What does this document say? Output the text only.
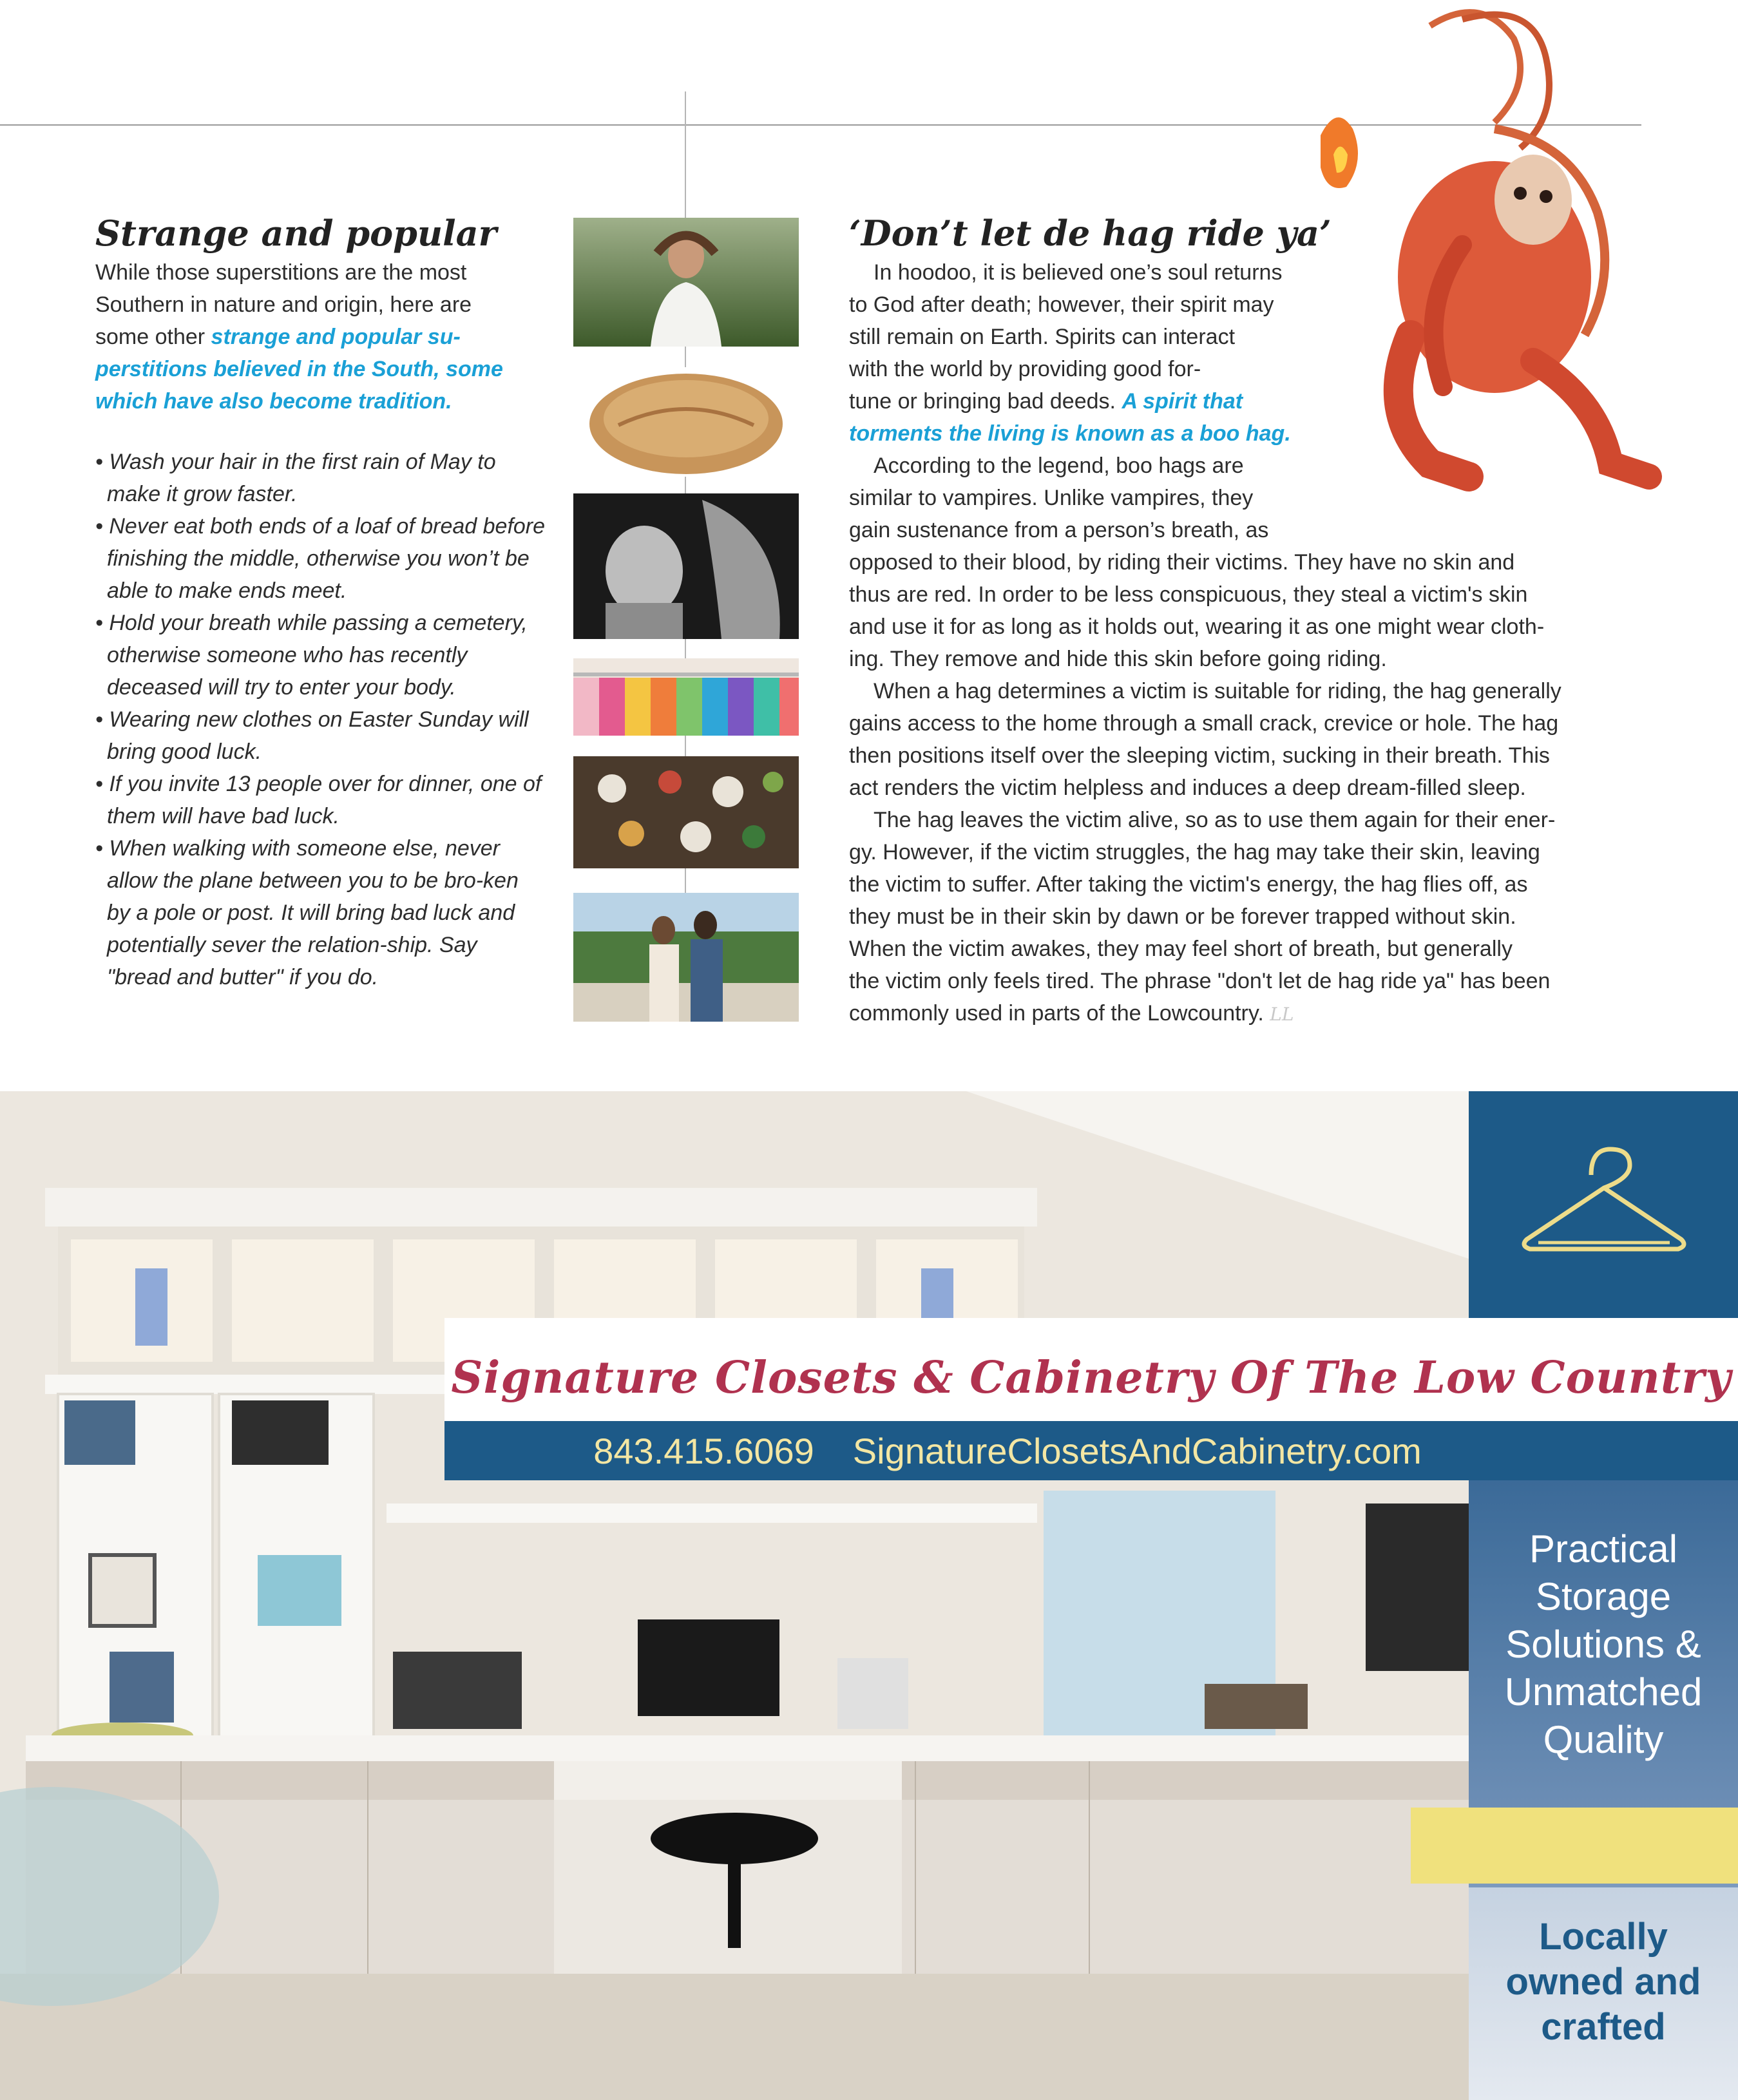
Strange and popular

While those superstitions are the most

Southern in nature and origin, here are

some other strange and popular su-

perstitions believed in the South, some

which have also become tradition.

• Wash your hair in the first rain of May to make it grow faster.
• Never eat both ends of a loaf of bread before finishing the middle, otherwise you won’t be able to make ends meet.
• Hold your breath while passing a cemetery, otherwise someone who has recently deceased will try to enter your body.
• Wearing new clothes on Easter Sunday will bring good luck.
• If you invite 13 people over for dinner, one of them will have bad luck.
• When walking with someone else, never allow the plane between you to be bro-ken by a pole or post. It will bring bad luck and potentially sever the relation-ship. Say "bread and butter" if you do.
‘Don’t let de hag ride ya’

In hoodoo, it is believed one’s soul returns

to God after death; however, their spirit may

still remain on Earth. Spirits can interact

with the world by providing good for-

tune or bringing bad deeds. A spirit that

torments the living is known as a boo hag.

According to the legend, boo hags are

similar to vampires. Unlike vampires, they

gain sustenance from a person’s breath, as

opposed to their blood, by riding their victims. They have no skin and

thus are red. In order to be less conspicuous, they steal a victim's skin

and use it for as long as it holds out, wearing it as one might wear cloth-

ing. They remove and hide this skin before going riding.

When a hag determines a victim is suitable for riding, the hag generally

gains access to the home through a small crack, crevice or hole. The hag

then positions itself over the sleeping victim, sucking in their breath. This

act renders the victim helpless and induces a deep dream-filled sleep.

The hag leaves the victim alive, so as to use them again for their ener-

gy. However, if the victim struggles, the hag may take their skin, leaving

the victim to suffer. After taking the victim's energy, the hag flies off, as

they must be in their skin by dawn or be forever trapped without skin.

When the victim awakes, they may feel short of breath, but generally

the victim only feels tired. The phrase "don't let de hag ride ya" has been

commonly used in parts of the Lowcountry. LL

Signature Closets & Cabinetry Of The Low Country
843.415.6069 SignatureClosetsAndCabinetry.com
Practical
Storage
Solutions &
Unmatched
Quality
Locally
owned and
crafted
